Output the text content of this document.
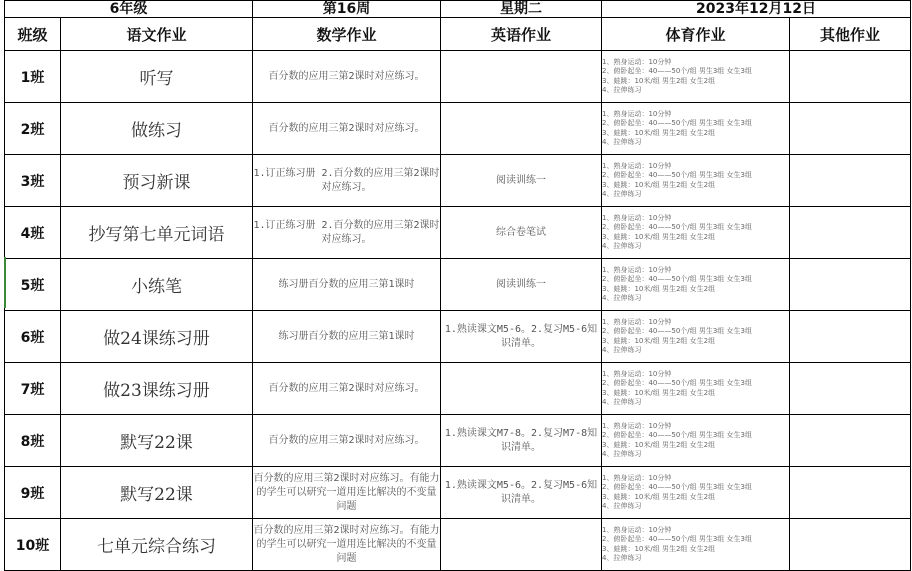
6年级		第16周	星期二	2023年12月12日	
班级	语文作业	数学作业	英语作业	体育作业	其他作业
1班	听写	百分数的应用三第2课时对应练习。		1、熟身运动：10分钟
2、俯卧起坐：40——50个/组 男生3组 女生3组
3、蛙跳：10米/组 男生2组 女生2组
4、拉伸练习	

2班	做练习	百分数的应用三第2课时对应练习。		1、熟身运动：10分钟
2、俯卧起坐：40——50个/组 男生3组 女生3组
3、蛙跳：10米/组 男生2组 女生2组
4、拉伸练习	

3班	预习新课	1.订正练习册 2.百分数的应用三第2课时对应练习。	阅读训练一	1、熟身运动：10分钟
2、俯卧起坐：40——50个/组 男生3组 女生3组
3、蛙跳：10米/组 男生2组 女生2组
4、拉伸练习	

4班	抄写第七单元词语	1.订正练习册 2.百分数的应用三第2课时对应练习。	综合卷笔试	1、熟身运动：10分钟
2、俯卧起坐：40——50个/组 男生3组 女生3组
3、蛙跳：10米/组 男生2组 女生2组
4、拉伸练习	

5班	小练笔	练习册百分数的应用三第1课时	阅读训练一	1、熟身运动：10分钟
2、俯卧起坐：40——50个/组 男生3组 女生3组
3、蛙跳：10米/组 男生2组 女生2组
4、拉伸练习	

6班	做24课练习册	练习册百分数的应用三第1课时	1.熟读课文M5-6。2.复习M5-6知识清单。	1、熟身运动：10分钟
2、俯卧起坐：40——50个/组 男生3组 女生3组
3、蛙跳：10米/组 男生2组 女生2组
4、拉伸练习	

7班	做23课练习册	百分数的应用三第2课时对应练习。		1、熟身运动：10分钟
2、俯卧起坐：40——50个/组 男生3组 女生3组
3、蛙跳：10米/组 男生2组 女生2组
4、拉伸练习	

8班	默写22课	百分数的应用三第2课时对应练习。	1.熟读课文M7-8。2.复习M7-8知识清单。	1、熟身运动：10分钟
2、俯卧起坐：40——50个/组 男生3组 女生3组
3、蛙跳：10米/组 男生2组 女生2组
4、拉伸练习	

9班	默写22课	百分数的应用三第2课时对应练习。有能力的学生可以研究一道用连比解决的不变量问题	1.熟读课文M5-6。2.复习M5-6知识清单。	1、熟身运动：10分钟
2、俯卧起坐：40——50个/组 男生3组 女生3组
3、蛙跳：10米/组 男生2组 女生2组
4、拉伸练习	

10班	七单元综合练习	百分数的应用三第2课时对应练习。有能力的学生可以研究一道用连比解决的不变量问题		1、熟身运动：10分钟
2、俯卧起坐：40——50个/组 男生3组 女生3组
3、蛙跳：10米/组 男生2组 女生2组
4、拉伸练习	
